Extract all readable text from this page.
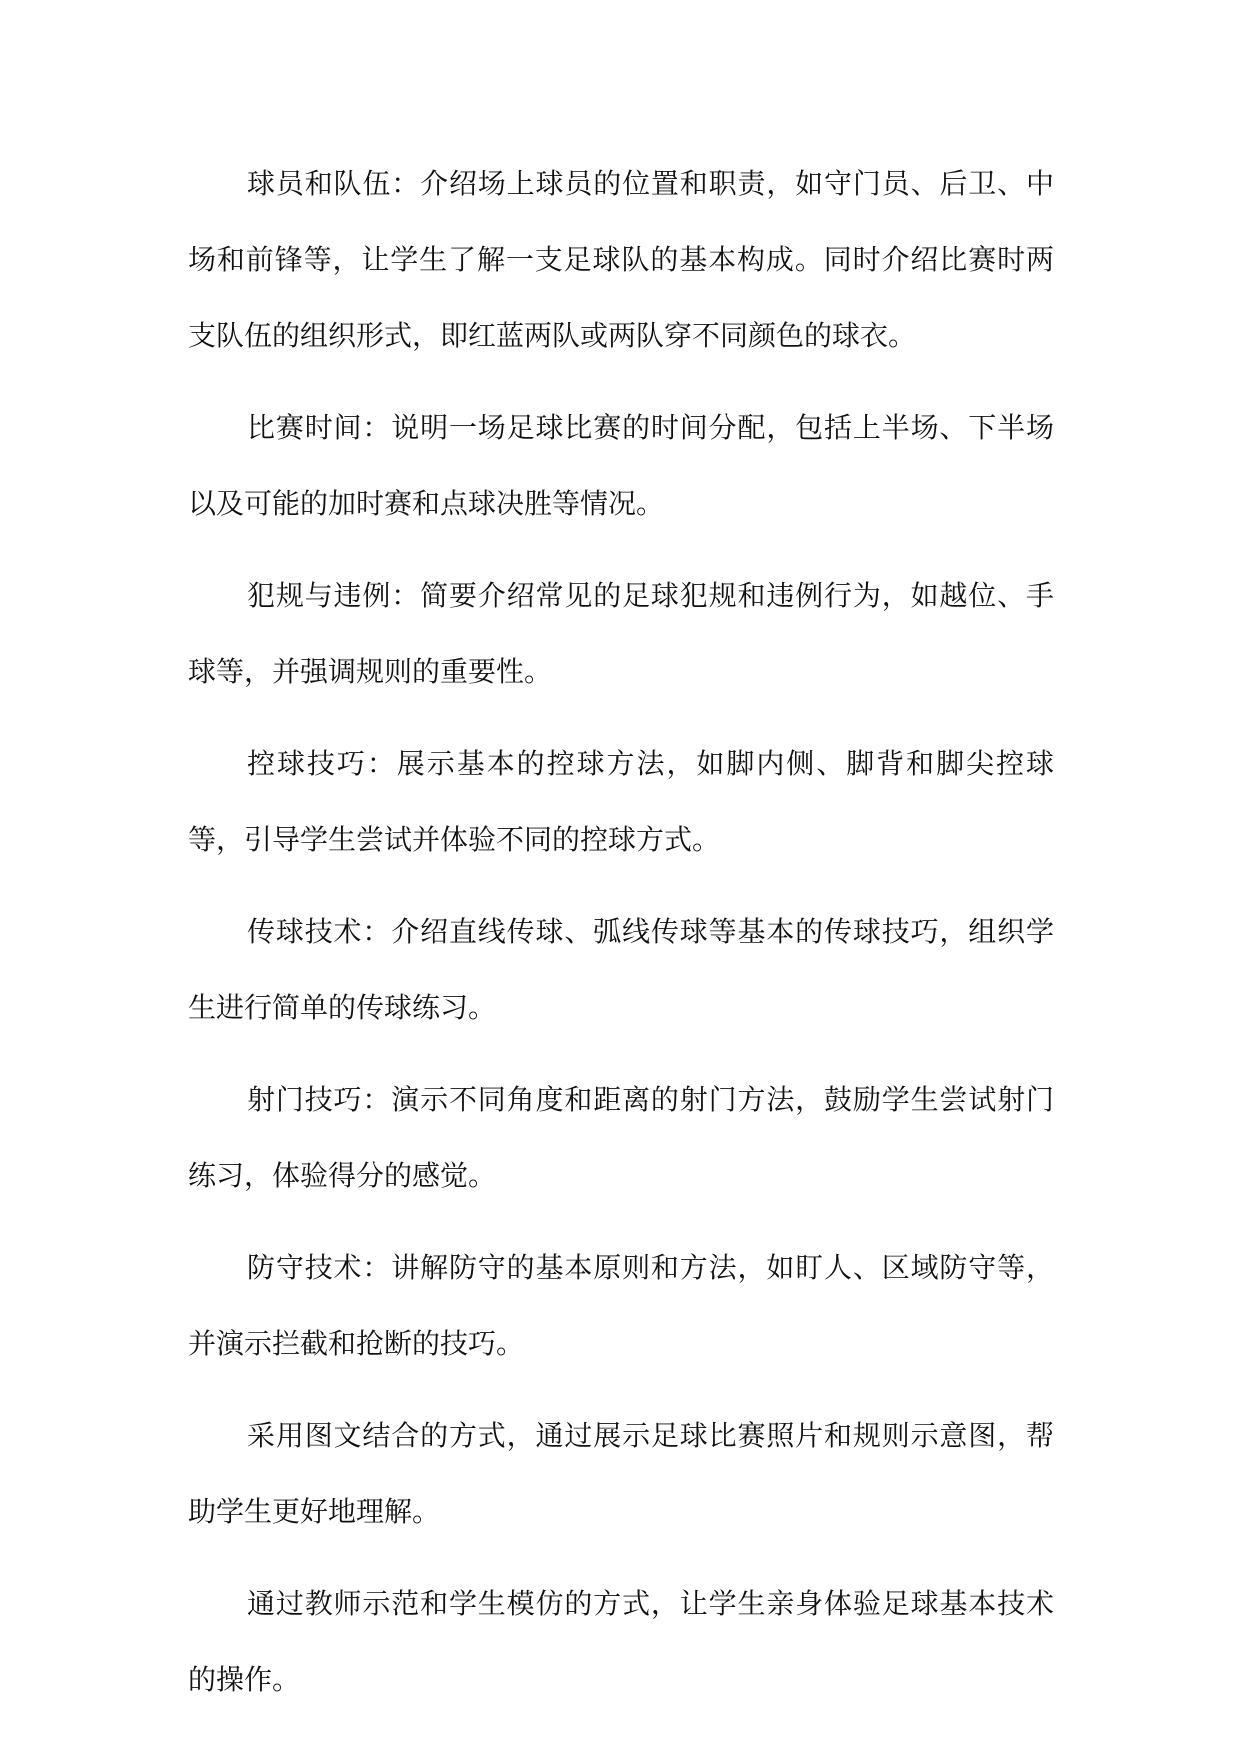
球员和队伍：介绍场上球员的位置和职责，如守门员、后卫、中场和前锋等，让学生了解一支足球队的基本构成。同时介绍比赛时两支队伍的组织形式，即红蓝两队或两队穿不同颜色的球衣。

比赛时间：说明一场足球比赛的时间分配，包括上半场、下半场以及可能的加时赛和点球决胜等情况。

犯规与违例：简要介绍常见的足球犯规和违例行为，如越位、手球等，并强调规则的重要性。

控球技巧：展示基本的控球方法，如脚内侧、脚背和脚尖控球等，引导学生尝试并体验不同的控球方式。

传球技术：介绍直线传球、弧线传球等基本的传球技巧，组织学生进行简单的传球练习。

射门技巧：演示不同角度和距离的射门方法，鼓励学生尝试射门练习，体验得分的感觉。

防守技术：讲解防守的基本原则和方法，如盯人、区域防守等，并演示拦截和抢断的技巧。

采用图文结合的方式，通过展示足球比赛照片和规则示意图，帮助学生更好地理解。

通过教师示范和学生模仿的方式，让学生亲身体验足球基本技术的操作。
